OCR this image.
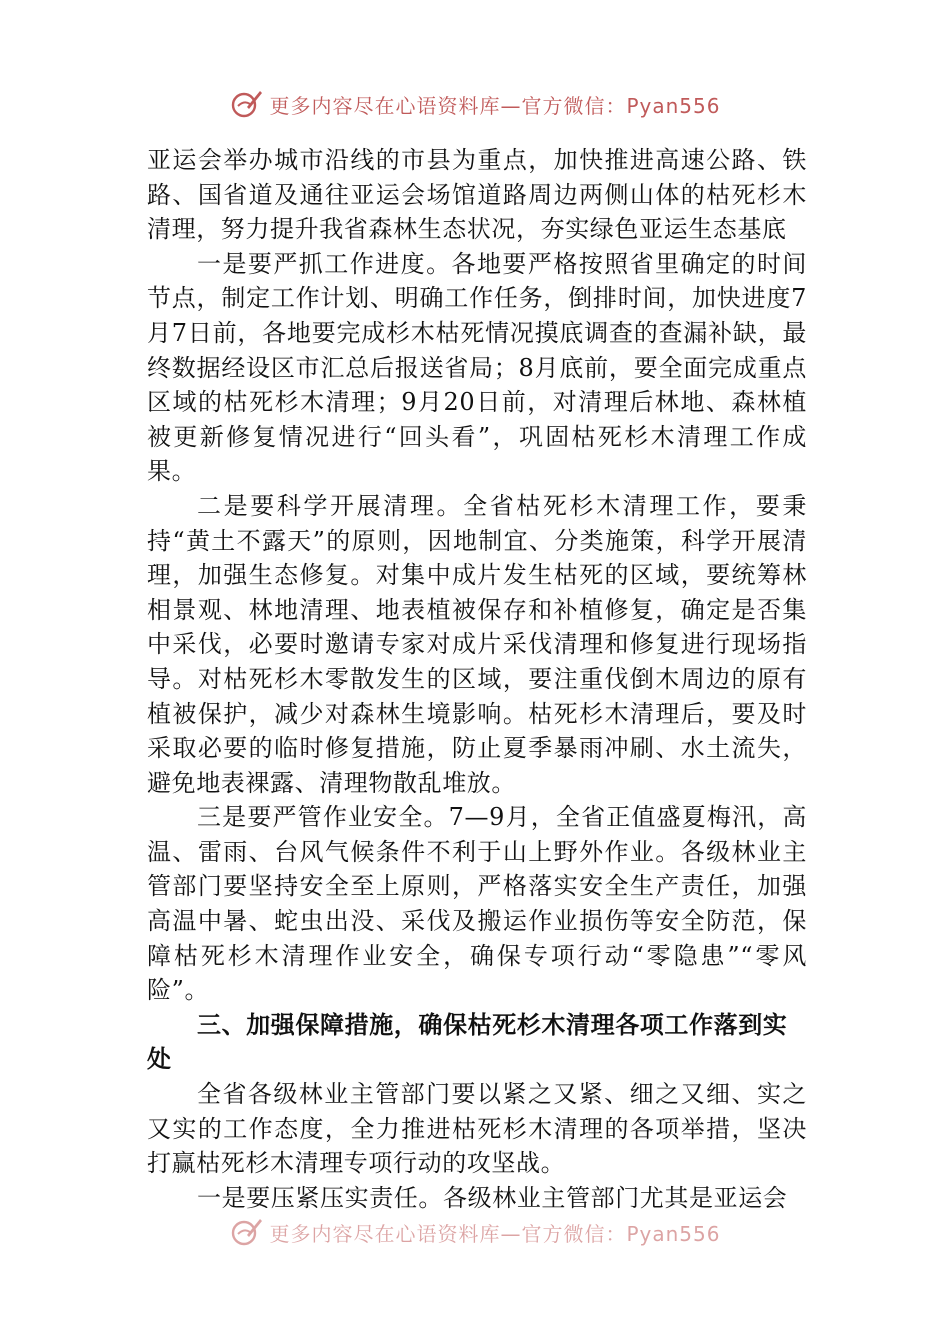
更多内容尽在心语资料库—官方微信：Pyan556

亚运会举办城市沿线的市县为重点，加快推进高速公路、铁路、国省道及通往亚运会场馆道路周边两侧山体的枯死杉木清理，努力提升我省森林生态状况，夯实绿色亚运生态基底

一是要严抓工作进度。各地要严格按照省里确定的时间节点，制定工作计划、明确工作任务，倒排时间，加快进度7月7日前，各地要完成杉木枯死情况摸底调查的查漏补缺，最终数据经设区市汇总后报送省局；8月底前，要全面完成重点区域的枯死杉木清理；9月20日前，对清理后林地、森林植被更新修复情况进行“回头看”，巩固枯死杉木清理工作成果。

二是要科学开展清理。全省枯死杉木清理工作，要秉持“黄土不露天”的原则，因地制宜、分类施策，科学开展清理，加强生态修复。对集中成片发生枯死的区域，要统筹林相景观、林地清理、地表植被保存和补植修复，确定是否集中采伐，必要时邀请专家对成片采伐清理和修复进行现场指导。对枯死杉木零散发生的区域，要注重伐倒木周边的原有植被保护，减少对森林生境影响。枯死杉木清理后，要及时采取必要的临时修复措施，防止夏季暴雨冲刷、水土流失，避免地表裸露、清理物散乱堆放。

三是要严管作业安全。7—9月，全省正值盛夏梅汛，高温、雷雨、台风气候条件不利于山上野外作业。各级林业主管部门要坚持安全至上原则，严格落实安全生产责任，加强高温中暑、蛇虫出没、采伐及搬运作业损伤等安全防范，保障枯死杉木清理作业安全，确保专项行动“零隐患”“零风险”。

三、加强保障措施，确保枯死杉木清理各项工作落到实处

全省各级林业主管部门要以紧之又紧、细之又细、实之又实的工作态度，全力推进枯死杉木清理的各项举措，坚决打赢枯死杉木清理专项行动的攻坚战。

一是要压紧压实责任。各级林业主管部门尤其是亚运会

更多内容尽在心语资料库—官方微信：Pyan556
